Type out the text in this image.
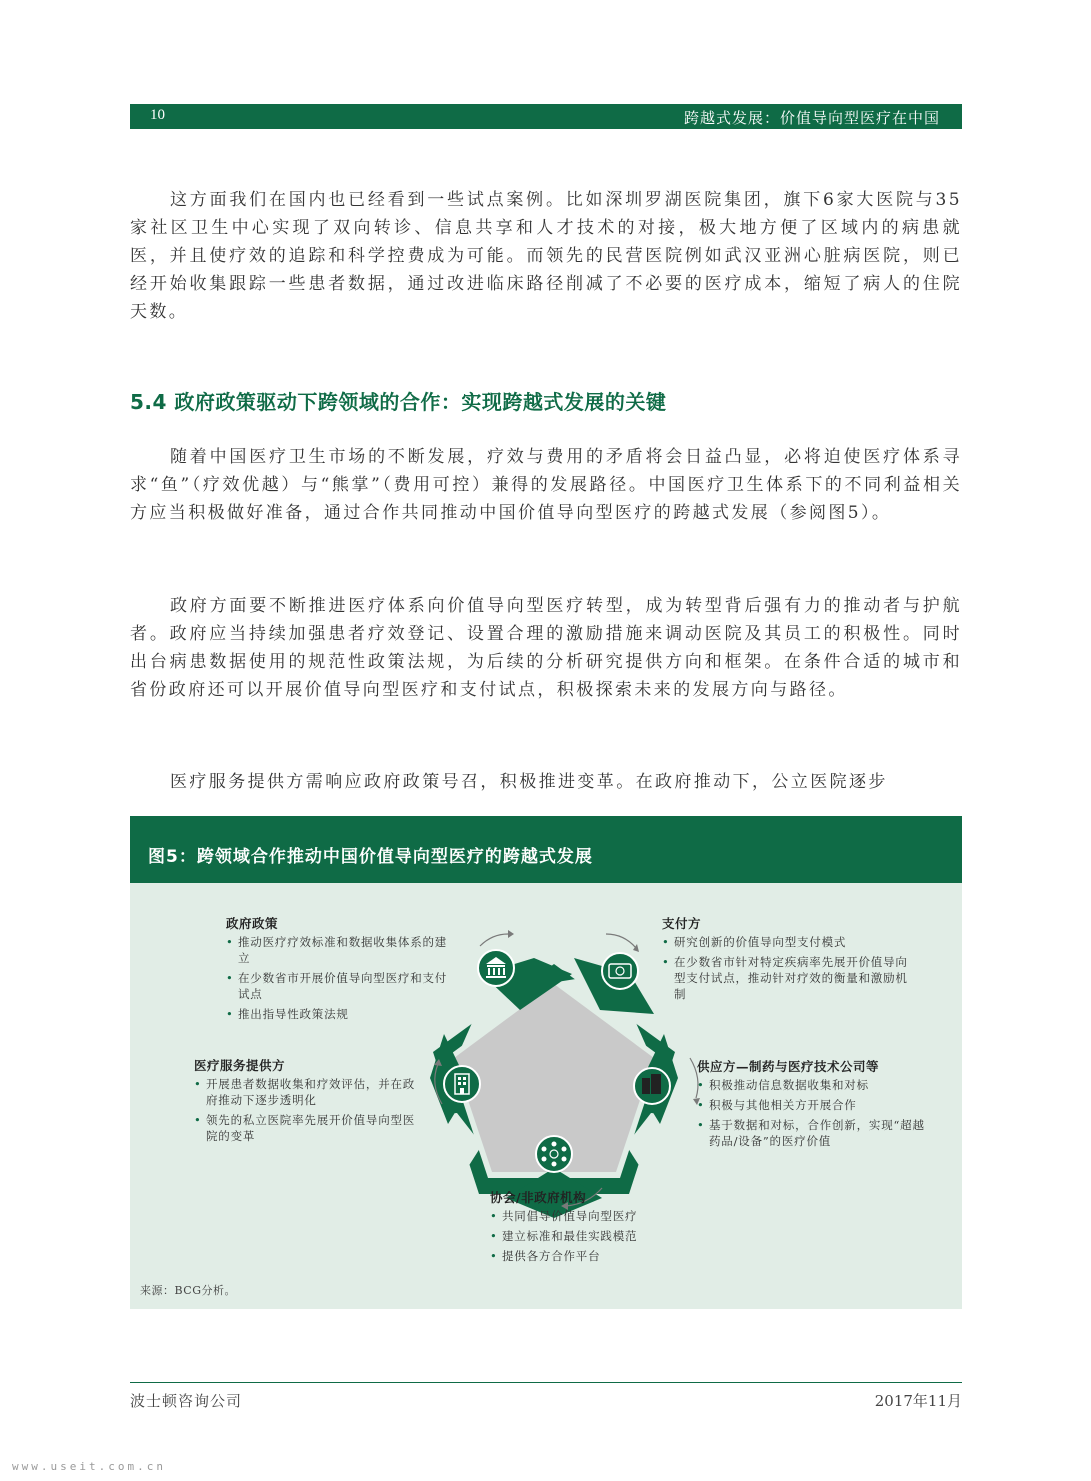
10	跨越式发展：价值导向型医疗在中国

这方面我们在国内也已经看到一些试点案例。比如深圳罗湖医院集团，旗下6家大医院与35家社区卫生中心实现了双向转诊、信息共享和人才技术的对接，极大地方便了区域内的病患就医，并且使疗效的追踪和科学控费成为可能。而领先的民营医院例如武汉亚洲心脏病医院，则已经开始收集跟踪一些患者数据，通过改进临床路径削减了不必要的医疗成本，缩短了病人的住院天数。

5.4 政府政策驱动下跨领域的合作：实现跨越式发展的关键

随着中国医疗卫生市场的不断发展，疗效与费用的矛盾将会日益凸显，必将迫使医疗体系寻求“鱼”（疗效优越）与“熊掌”（费用可控）兼得的发展路径。中国医疗卫生体系下的不同利益相关方应当积极做好准备，通过合作共同推动中国价值导向型医疗的跨越式发展（参阅图5）。

政府方面要不断推进医疗体系向价值导向型医疗转型，成为转型背后强有力的推动者与护航者。政府应当持续加强患者疗效登记、设置合理的激励措施来调动医院及其员工的积极性。同时出台病患数据使用的规范性政策法规，为后续的分析研究提供方向和框架。在条件合适的城市和省份政府还可以开展价值导向型医疗和支付试点，积极探索未来的发展方向与路径。

医疗服务提供方需响应政府政策号召，积极推进变革。在政府推动下，公立医院逐步

图5：跨领域合作推动中国价值导向型医疗的跨越式发展
政府政策
• 推动医疗疗效标准和数据收集体系的建立
• 在少数省市开展价值导向型医疗和支付试点
• 推出指导性政策法规
支付方
• 研究创新的价值导向型支付模式
• 在少数省市针对特定疾病率先展开价值导向型支付试点，推动针对疗效的衡量和激励机制
供应方—制药与医疗技术公司等
• 积极推动信息数据收集和对标
• 积极与其他相关方开展合作
• 基于数据和对标，合作创新，实现“超越药品/设备”的医疗价值
医疗服务提供方
• 开展患者数据收集和疗效评估，并在政府推动下逐步透明化
• 领先的私立医院率先展开价值导向型医院的变革
协会/非政府机构
• 共同倡导价值导向型医疗
• 建立标准和最佳实践模范
• 提供各方合作平台
来源：BCG分析。
波士顿咨询公司	2017年11月
www.useit.com.cn
